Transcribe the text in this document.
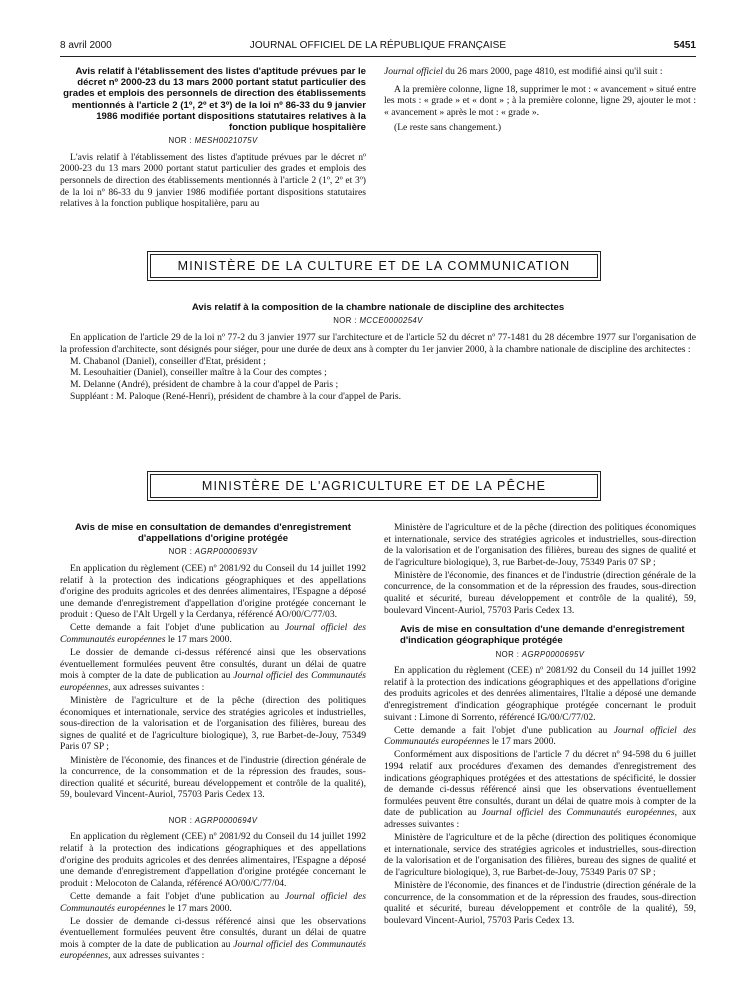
8 avril 2000	JOURNAL OFFICIEL DE LA RÉPUBLIQUE FRANÇAISE	5451
Avis relatif à l'établissement des listes d'aptitude prévues par le décret nº 2000-23 du 13 mars 2000 portant statut particulier des grades et emplois des personnels de direction des établissements mentionnés à l'article 2 (1º, 2º et 3º) de la loi nº 86-33 du 9 janvier 1986 modifiée portant dispositions statutaires relatives à la fonction publique hospitalière
NOR : MESH0021075V

L'avis relatif à l'établissement des listes d'aptitude prévues par le décret nº 2000-23 du 13 mars 2000 portant statut particulier des grades et emplois des personnels de direction des établissements mentionnés à l'article 2 (1º, 2º et 3º) de la loi nº 86-33 du 9 janvier 1986 modifiée portant dispositions statutaires relatives à la fonction publique hospitalière, paru au

Journal officiel du 26 mars 2000, page 4810, est modifié ainsi qu'il suit :

A la première colonne, ligne 18, supprimer le mot : « avancement » situé entre les mots : « grade » et « dont » ; à la première colonne, ligne 29, ajouter le mot : « avancement » après le mot : « grade ».

(Le reste sans changement.)

MINISTÈRE DE LA CULTURE ET DE LA COMMUNICATION
Avis relatif à la composition de la chambre nationale de discipline des architectes
NOR : MCCE0000254V

En application de l'article 29 de la loi nº 77-2 du 3 janvier 1977 sur l'architecture et de l'article 52 du décret nº 77-1481 du 28 décembre 1977 sur l'organisation de la profession d'architecte, sont désignés pour siéger, pour une durée de deux ans à compter du 1er janvier 2000, à la chambre nationale de discipline des architectes :

M. Chabanol (Daniel), conseiller d'Etat, président ;

M. Lesouhaitier (Daniel), conseiller maître à la Cour des comptes ;

M. Delanne (André), président de chambre à la cour d'appel de Paris ;

Suppléant : M. Paloque (René-Henri), président de chambre à la cour d'appel de Paris.

MINISTÈRE DE L'AGRICULTURE ET DE LA PÊCHE
Avis de mise en consultation de demandes d'enregistrement d'appellations d'origine protégée
NOR : AGRP0000693V

En application du règlement (CEE) nº 2081/92 du Conseil du 14 juillet 1992 relatif à la protection des indications géographiques et des appellations d'origine des produits agricoles et des denrées alimentaires, l'Espagne a déposé une demande d'enregistrement d'appellation d'origine protégée concernant le produit : Queso de l'Alt Urgell y la Cerdanya, référencé AO/00/C/77/03.

Cette demande a fait l'objet d'une publication au Journal officiel des Communautés européennes le 17 mars 2000.

Le dossier de demande ci-dessus référencé ainsi que les observations éventuellement formulées peuvent être consultés, durant un délai de quatre mois à compter de la date de publication au Journal officiel des Communautés européennes, aux adresses suivantes :

Ministère de l'agriculture et de la pêche (direction des politiques économiques et internationale, service des stratégies agricoles et industrielles, sous-direction de la valorisation et de l'organisation des filières, bureau des signes de qualité et de l'agriculture biologique), 3, rue Barbet-de-Jouy, 75349 Paris 07 SP ;

Ministère de l'économie, des finances et de l'industrie (direction générale de la concurrence, de la consommation et de la répression des fraudes, sous-direction qualité et sécurité, bureau développement et contrôle de la qualité), 59, boulevard Vincent-Auriol, 75703 Paris Cedex 13.

NOR : AGRP0000694V

En application du règlement (CEE) nº 2081/92 du Conseil du 14 juillet 1992 relatif à la protection des indications géographiques et des appellations d'origine des produits agricoles et des denrées alimentaires, l'Espagne a déposé une demande d'enregistrement d'appellation d'origine protégée concernant le produit : Melocoton de Calanda, référencé AO/00/C/77/04.

Cette demande a fait l'objet d'une publication au Journal officiel des Communautés européennes le 17 mars 2000.

Le dossier de demande ci-dessus référencé ainsi que les observations éventuellement formulées peuvent être consultés, durant un délai de quatre mois à compter de la date de publication au Journal officiel des Communautés européennes, aux adresses suivantes :

Ministère de l'agriculture et de la pêche (direction des politiques économiques et internationale, service des stratégies agricoles et industrielles, sous-direction de la valorisation et de l'organisation des filières, bureau des signes de qualité et de l'agriculture biologique), 3, rue Barbet-de-Jouy, 75349 Paris 07 SP ;

Ministère de l'économie, des finances et de l'industrie (direction générale de la concurrence, de la consommation et de la répression des fraudes, sous-direction qualité et sécurité, bureau développement et contrôle de la qualité), 59, boulevard Vincent-Auriol, 75703 Paris Cedex 13.

Avis de mise en consultation d'une demande d'enregistrement d'indication géographique protégée
NOR : AGRP0000695V

En application du règlement (CEE) nº 2081/92 du Conseil du 14 juillet 1992 relatif à la protection des indications géographiques et des appellations d'origine des produits agricoles et des denrées alimentaires, l'Italie a déposé une demande d'enregistrement d'indication géographique protégée concernant le produit suivant : Limone di Sorrento, référencé IG/00/C/77/02.

Cette demande a fait l'objet d'une publication au Journal officiel des Communautés européennes le 17 mars 2000.

Conformément aux dispositions de l'article 7 du décret nº 94-598 du 6 juillet 1994 relatif aux procédures d'examen des demandes d'enregistrement des indications géographiques protégées et des attestations de spécificité, le dossier de demande ci-dessus référencé ainsi que les observations éventuellement formulées peuvent être consultés, durant un délai de quatre mois à compter de la date de publication au Journal officiel des Communautés européennes, aux adresses suivantes :

Ministère de l'agriculture et de la pêche (direction des politiques économique et internationale, service des stratégies agricoles et industrielles, sous-direction de la valorisation et de l'organisation des filières, bureau des signes de qualité et de l'agriculture biologique), 3, rue Barbet-de-Jouy, 75349 Paris 07 SP ;

Ministère de l'économie, des finances et de l'industrie (direction générale de la concurrence, de la consommation et de la répression des fraudes, sous-direction qualité et sécurité, bureau développement et contrôle de la qualité), 59, boulevard Vincent-Auriol, 75703 Paris Cedex 13.
